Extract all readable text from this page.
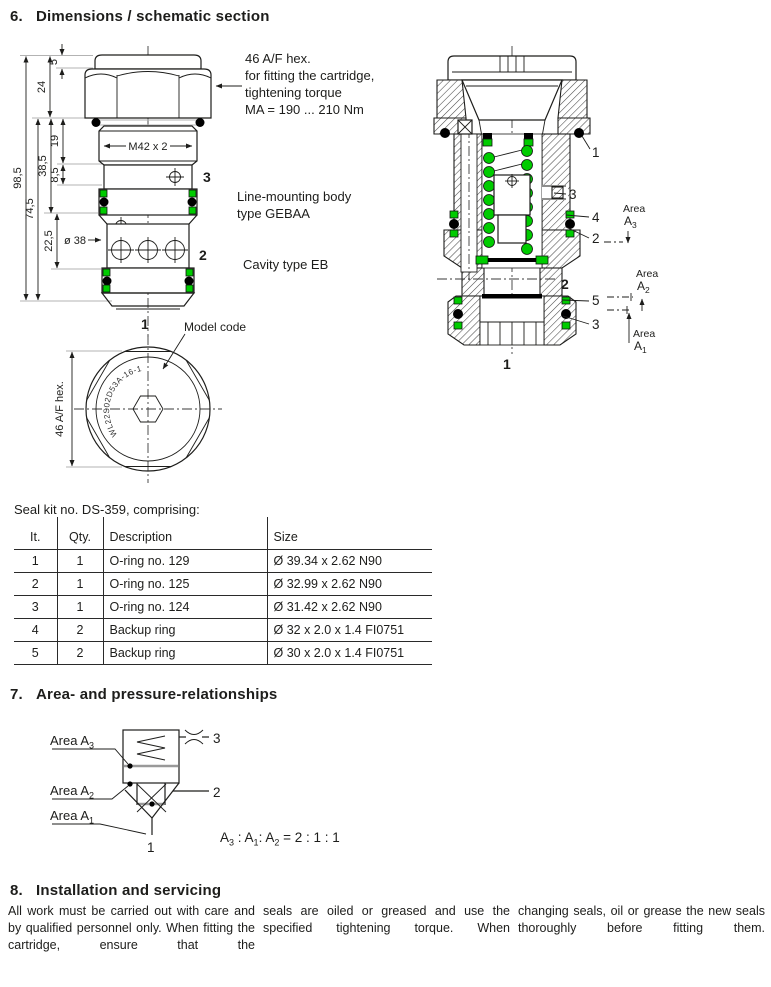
6. Dimensions / schematic section
M42 x 2
3
2
1
98,5
74,5
24
5
38,5
22,5
19
8,5
ø 38
WL22S02D53A-16-1
46 A/F hex.
1
3
4
2
2
5
3
1
Area
$A_3$
Area
$A_2$
Area
$A_1$
46 A/F hex.
for fitting the cartridge,
tightening torque
MA = 190 ... 210 Nm
Line-mounting body
type GEBAA
Cavity type EB
Model code
Seal kit no. DS-359, comprising:
It.	Qty.	Description	Size
1	1	O-ring no. 129	Ø 39.34 x 2.62 N90
2	1	O-ring no. 125	Ø 32.99 x 2.62 N90
3	1	O-ring no. 124	Ø 31.42 x 2.62 N90
4	2	Backup ring	Ø 32 x 2.0 x 1.4 FI0751
5	2	Backup ring	Ø 30 x 2.0 x 1.4 FI0751
7. Area- and pressure-relationships
3
2
1
Area $A_3$
Area $A_2$
Area $A_1$
$A_3$ : $A_1$: $A_2 = 2$ : 1 : 1
8. Installation and servicing
All work must be carried out with care and by qualified personnel only. When fitting the cartridge, ensure that the
seals are oiled or greased and use the specified tightening torque. When
changing seals, oil or grease the new seals thoroughly before fitting them.
